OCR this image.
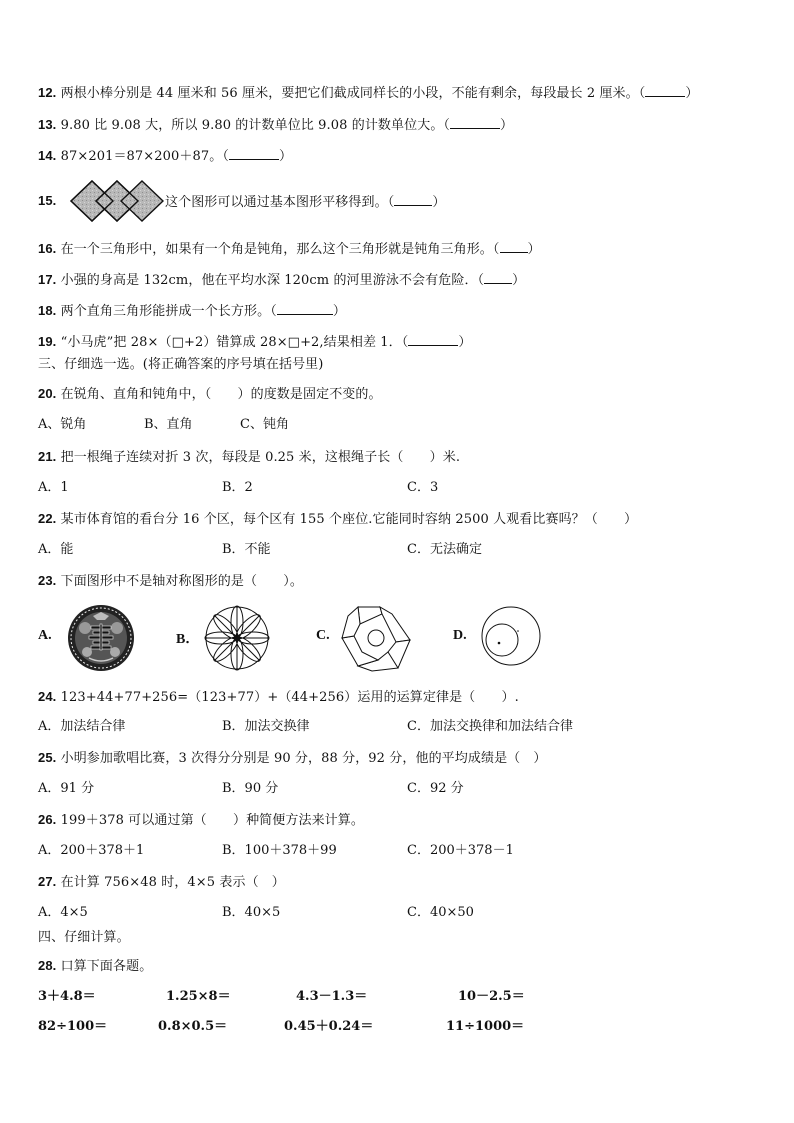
12. 两根小棒分别是 44 厘米和 56 厘米，要把它们截成同样长的小段，不能有剩余，每段最长 2 厘米。（	）
13. 9.80 比 9.08 大，所以 9.80 的计数单位比 9.08 的计数单位大。（	）
14. 87×201＝87×200＋87。（	）
15.	这个图形可以通过基本图形平移得到。（	）
16. 在一个三角形中，如果有一个角是钝角，那么这个三角形就是钝角三角形。（ ）
17. 小强的身高是 132cm，他在平均水深 120cm 的河里游泳不会有危险．（ ）
18. 两个直角三角形能拼成一个长方形。（	）
19. “小马虎”把 28×（□+2）错算成 28×□+2,结果相差 1．（	）
三、仔细选一选。(将正确答案的序号填在括号里)
20. 在锐角、直角和钝角中，（　　）的度数是固定不变的。
A、锐角	B、直角	C、钝角
21. 把一根绳子连续对折 3 次，每段是 0.25 米，这根绳子长（　　）米.
A．1	B．2	C．3
22. 某市体育馆的看台分 16 个区，每个区有 155 个座位.它能同时容纳 2500 人观看比赛吗？（　　）
A．能	B．不能	C．无法确定
23. 下面图形中不是轴对称图形的是（　　）。
A.	B．	C.	D.
24. 123+44+77+256=（123+77）+（44+256）运用的运算定律是（　　）.
A．加法结合律	B．加法交换律	C．加法交换律和加法结合律
25. 小明参加歌唱比赛，3 次得分分别是 90 分，88 分，92 分，他的平均成绩是（　）
A．91 分	B．90 分	C．92 分
26. 199＋378 可以通过第（　　）种简便方法来计算。
A．200＋378＋1	B．100＋378＋99	C．200＋378－1
27. 在计算 756×48 时，4×5 表示（　）
A．4×5	B．40×5	C．40×50
四、仔细计算。
28. 口算下面各题。
3＋4.8＝	1.25×8＝	4.3－1.3＝	10－2.5＝
82÷100＝	0.8×0.5＝	0.45＋0.24＝	11÷1000＝
